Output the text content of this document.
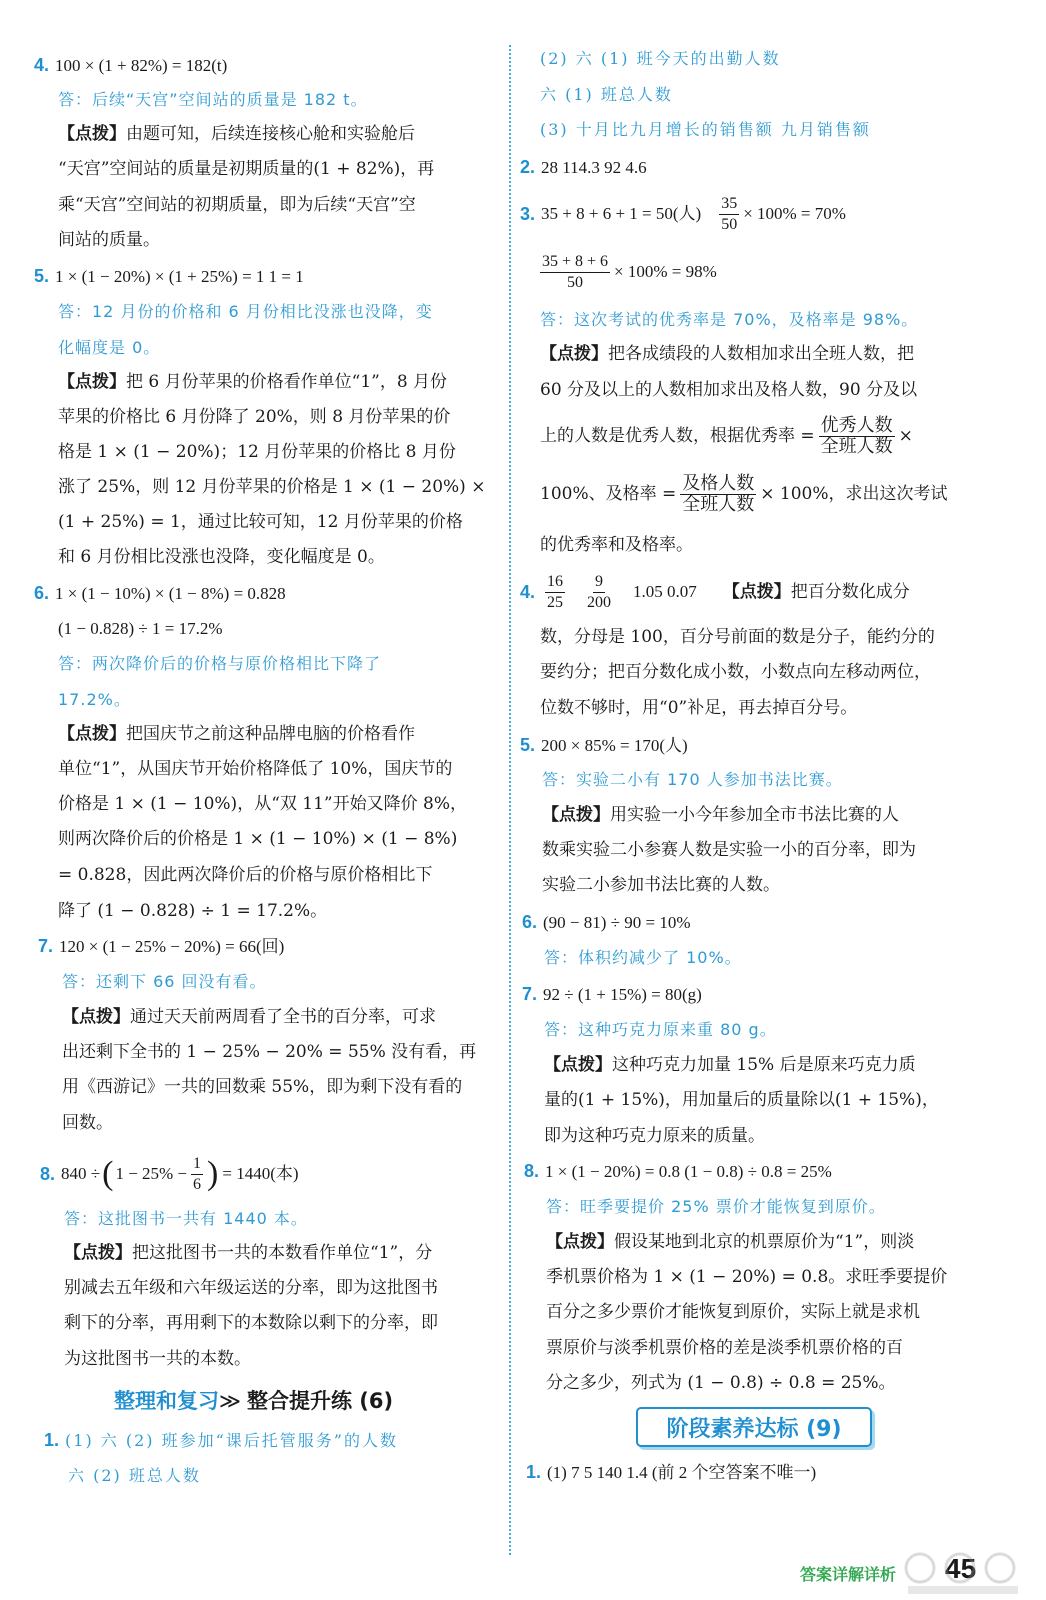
4. 100 × (1 + 82%) = 182(t)
答：后续“天宫”空间站的质量是 182 t。
【点拨】由题可知，后续连接核心舱和实验舱后
“天宫”空间站的质量是初期质量的(1 + 82%)，再
乘“天宫”空间站的初期质量，即为后续“天宫”空
间站的质量。
5. 1 × (1 − 20%) × (1 + 25%) = 1 1 = 1
答：12 月份的价格和 6 月份相比没涨也没降，变
化幅度是 0。
【点拨】把 6 月份苹果的价格看作单位“1”，8 月份
苹果的价格比 6 月份降了 20%，则 8 月份苹果的价
格是 1 × (1 − 20%)；12 月份苹果的价格比 8 月份
涨了 25%，则 12 月份苹果的价格是 1 × (1 − 20%) ×
(1 + 25%) = 1，通过比较可知，12 月份苹果的价格
和 6 月份相比没涨也没降，变化幅度是 0。
6. 1 × (1 − 10%) × (1 − 8%) = 0.828
(1 − 0.828) ÷ 1 = 17.2%
答：两次降价后的价格与原价格相比下降了
17.2%。
【点拨】把国庆节之前这种品牌电脑的价格看作
单位“1”，从国庆节开始价格降低了 10%，国庆节的
价格是 1 × (1 − 10%)，从“双 11”开始又降价 8%，
则两次降价后的价格是 1 × (1 − 10%) × (1 − 8%)
= 0.828，因此两次降价后的价格与原价格相比下
降了 (1 − 0.828) ÷ 1 = 17.2%。
7. 120 × (1 − 25% − 20%) = 66(回)
答：还剩下 66 回没有看。
【点拨】通过天天前两周看了全书的百分率，可求
出还剩下全书的 1 − 25% − 20% = 55% 没有看，再
用《西游记》一共的回数乘 55%，即为剩下没有看的
回数。
8. 840 ÷ ( $1 - 25\% - \frac{1}{6}$ ) = 1440(本)
答：这批图书一共有 1440 本。
【点拨】把这批图书一共的本数看作单位“1”，分
别减去五年级和六年级运送的分率，即为这批图书
剩下的分率，再用剩下的本数除以剩下的分率，即
为这批图书一共的本数。
整理和复习≫ 整合提升练 (6)
1. (1) 六 (2) 班参加“课后托管服务”的人数
六 (2) 班总人数
(2) 六 (1) 班今天的出勤人数
六 (1) 班总人数
(3) 十月比九月增长的销售额 九月销售额
2. 28 114.3 92 4.6
3. 35 + 8 + 6 + 1 = 50(人) $\frac{35}{50} \times 100\% = 70\%$
$\frac{35 + 8 + 6}{50} \times 100\% = 98\%$
答：这次考试的优秀率是 70%，及格率是 98%。
【点拨】把各成绩段的人数相加求出全班人数，把
60 分及以上的人数相加求出及格人数，90 分及以
上的人数是优秀人数，根据优秀率 = $\frac{\text{优秀人数}}{\text{全班人数}}$ ×
100%、及格率 = $\frac{\text{及格人数}}{\text{全班人数}} \times 100\%$，求出这次考试
的优秀率和及格率。
4. $\frac{16}{25} \frac{9}{200} 1.05$ 0.07 【点拨】 把百分数化成分
数，分母是 100，百分号前面的数是分子，能约分的
要约分；把百分数化成小数，小数点向左移动两位，
位数不够时，用“0”补足，再去掉百分号。
5. 200 × 85% = 170(人)
答：实验二小有 170 人参加书法比赛。
【点拨】用实验一小今年参加全市书法比赛的人
数乘实验二小参赛人数是实验一小的百分率，即为
实验二小参加书法比赛的人数。
6. (90 − 81) ÷ 90 = 10%
答：体积约减少了 10%。
7. 92 ÷ (1 + 15%) = 80(g)
答：这种巧克力原来重 80 g。
【点拨】这种巧克力加量 15% 后是原来巧克力质
量的(1 + 15%)，用加量后的质量除以(1 + 15%)，
即为这种巧克力原来的质量。
8. 1 × (1 − 20%) = 0.8 (1 − 0.8) ÷ 0.8 = 25%
答：旺季要提价 25% 票价才能恢复到原价。
【点拨】假设某地到北京的机票原价为“1”，则淡
季机票价格为 1 × (1 − 20%) = 0.8。求旺季要提价
百分之多少票价才能恢复到原价，实际上就是求机
票原价与淡季机票价格的差是淡季机票价格的百
分之多少，列式为 (1 − 0.8) ÷ 0.8 = 25%。
1. (1) 7 5 140 1.4 (前 2 个空答案不唯一)
阶段素养达标 (9)
答案详解详析 45
